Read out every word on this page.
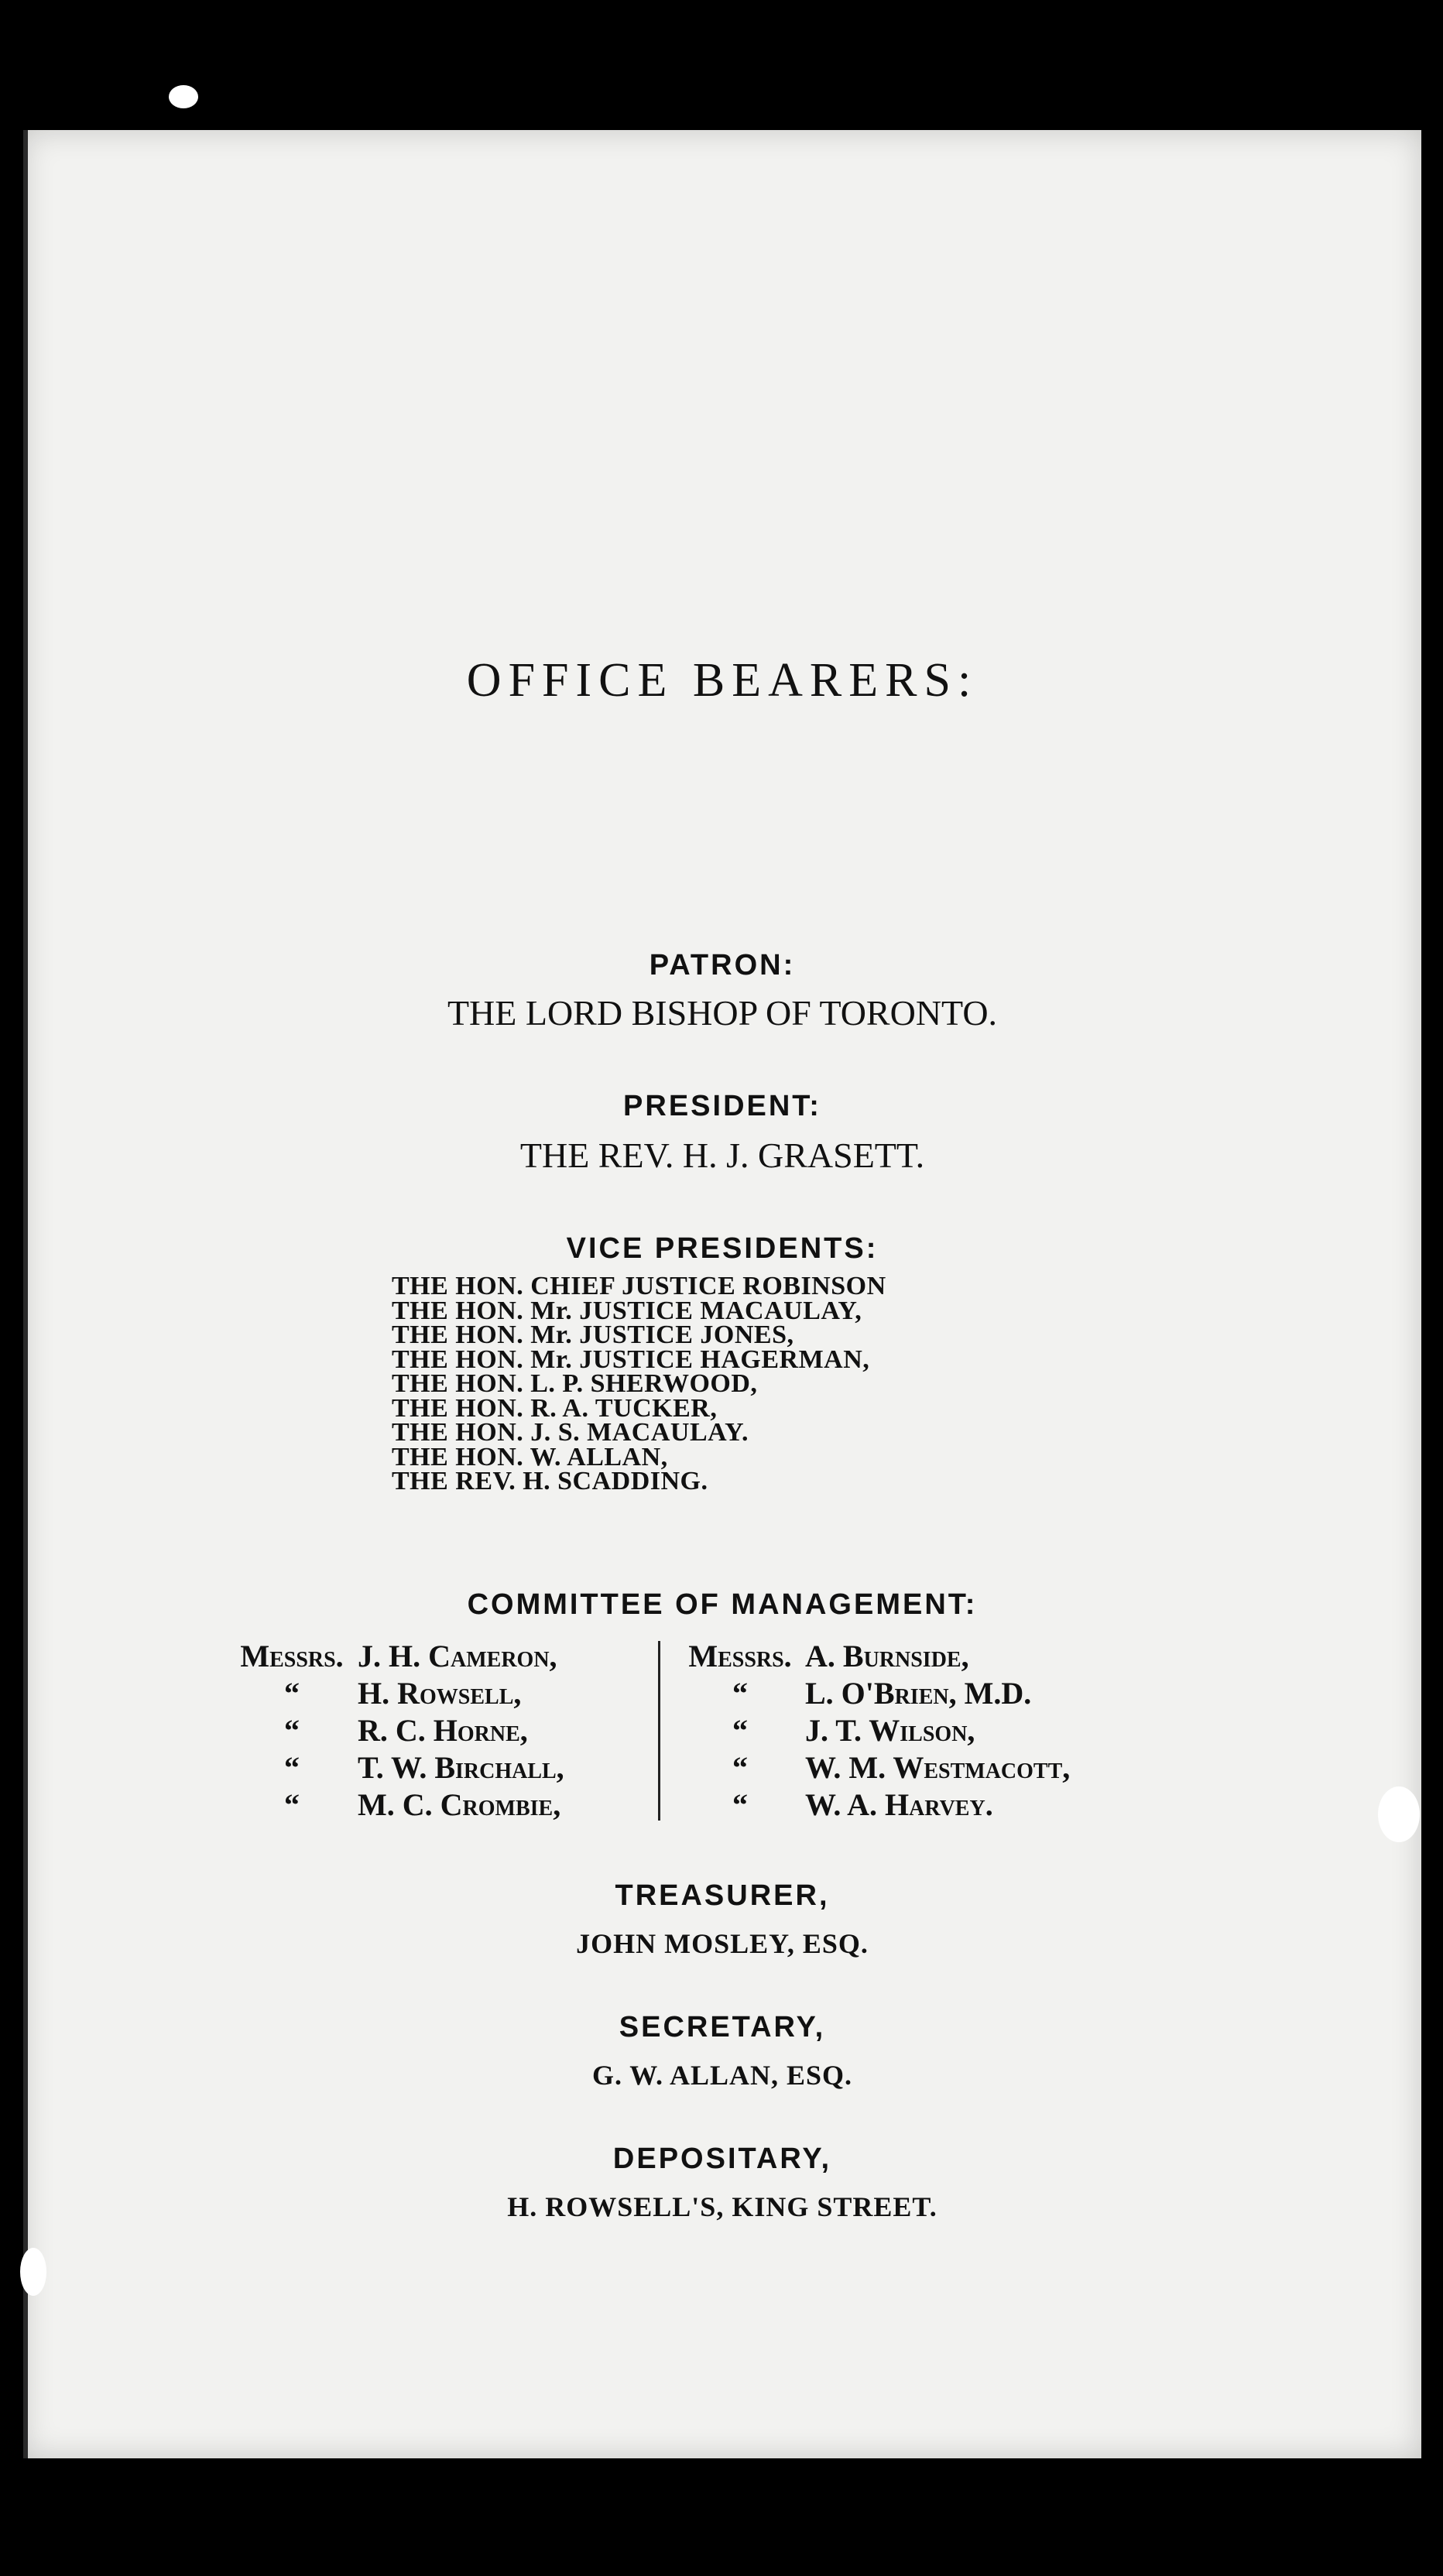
OFFICE BEARERS:
PATRON:
THE LORD BISHOP OF TORONTO.
PRESIDENT:
THE REV. H. J. GRASETT.
VICE PRESIDENTS:
THE HON. CHIEF JUSTICE ROBINSON
THE HON. Mr. JUSTICE MACAULAY,
THE HON. Mr. JUSTICE JONES,
THE HON. Mr. JUSTICE HAGERMAN,
THE HON. L. P. SHERWOOD,
THE HON. R. A. TUCKER,
THE HON. J. S. MACAULAY.
THE HON. W. ALLAN,
THE REV. H. SCADDING.
COMMITTEE OF MANAGEMENT:
Messrs. J. H. Cameron,
“	H. Rowsell,
“	R. C. Horne,
“	T. W. Birchall,
“	M. C. Crombie,
Messrs. A. Burnside,
“	L. O'Brien, M.D.
“	J. T. Wilson,
“	W. M. Westmacott,
“	W. A. Harvey.
TREASURER,
JOHN MOSLEY, ESQ.
SECRETARY,
G. W. ALLAN, ESQ.
DEPOSITARY,
H. ROWSELL'S, KING STREET.
